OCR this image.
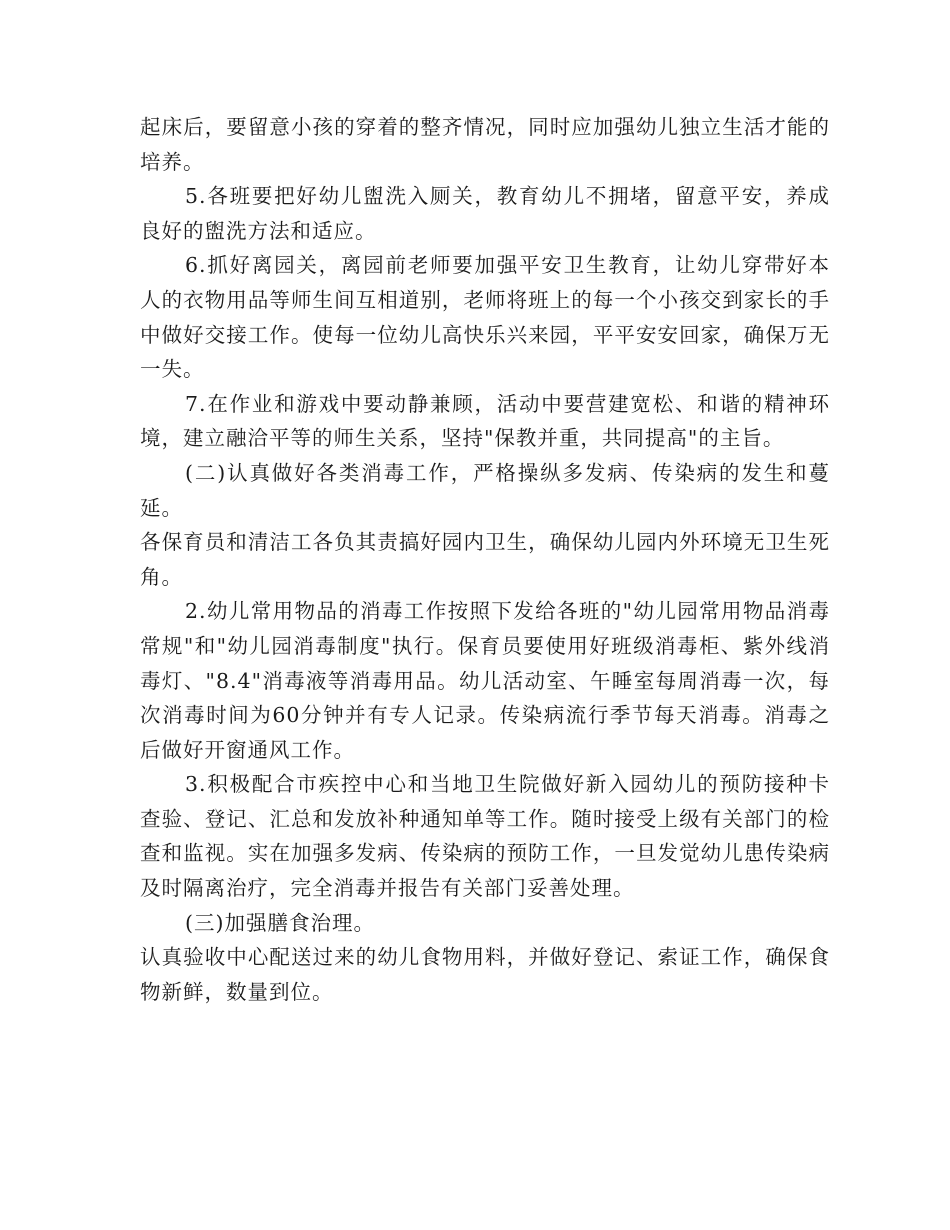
起床后，要留意小孩的穿着的整齐情况，同时应加强幼儿独立生活才能的培养。

5.各班要把好幼儿盥洗入厕关，教育幼儿不拥堵，留意平安，养成良好的盥洗方法和适应。

6.抓好离园关，离园前老师要加强平安卫生教育，让幼儿穿带好本人的衣物用品等师生间互相道别，老师将班上的每一个小孩交到家长的手中做好交接工作。使每一位幼儿高快乐兴来园，平平安安回家，确保万无一失。

7.在作业和游戏中要动静兼顾，活动中要营建宽松、和谐的精神环境，建立融洽平等的师生关系，坚持"保教并重，共同提高"的主旨。

(二)认真做好各类消毒工作，严格操纵多发病、传染病的发生和蔓延。

各保育员和清洁工各负其责搞好园内卫生，确保幼儿园内外环境无卫生死角。

2.幼儿常用物品的消毒工作按照下发给各班的"幼儿园常用物品消毒常规"和"幼儿园消毒制度"执行。保育员要使用好班级消毒柜、紫外线消毒灯、"8.4"消毒液等消毒用品。幼儿活动室、午睡室每周消毒一次，每次消毒时间为60分钟并有专人记录。传染病流行季节每天消毒。消毒之后做好开窗通风工作。

3.积极配合市疾控中心和当地卫生院做好新入园幼儿的预防接种卡查验、登记、汇总和发放补种通知单等工作。随时接受上级有关部门的检查和监视。实在加强多发病、传染病的预防工作，一旦发觉幼儿患传染病及时隔离治疗，完全消毒并报告有关部门妥善处理。

(三)加强膳食治理。

认真验收中心配送过来的幼儿食物用料，并做好登记、索证工作，确保食物新鲜，数量到位。
